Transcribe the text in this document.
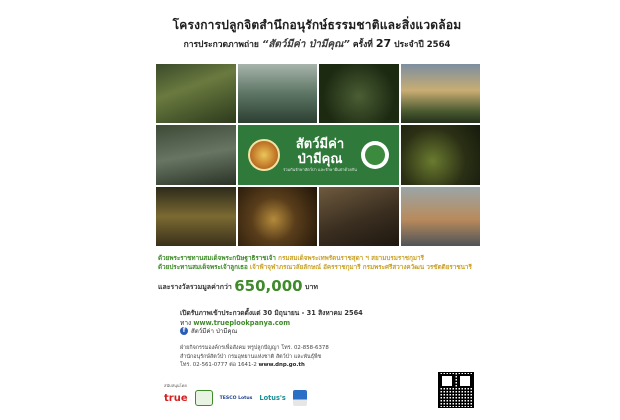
โครงการปลูกจิตสำนึกอนุรักษ์ธรรมชาติและสิ่งแวดล้อม
การประกวดภาพถ่าย “สัตว์มีค่า ป่ามีคุณ” ครั้งที่ 27 ประจำปี 2564
สัตว์มีค่า
ป่ามีคุณ
ร่วมกันรักษาสัตว์ป่า และรักษาผืนป่าด้วยกัน
ด้วยพระราชทานสมเด็จพระกนิษฐาธิราชเจ้า กรมสมเด็จพระเทพรัตนราชสุดา ฯ สยามบรมราชกุมารี
ด้วยประทานสมเด็จพระเจ้าลูกเธอ เจ้าฟ้าจุฬาภรณวลัยลักษณ์ อัครราชกุมารี กรมพระศรีสวางควัฒน วรขัตติยราชนารี
และรางวัลรวมมูลค่ากว่า 650,000 บาท
เปิดรับภาพเข้าประกวดตั้งแต่ 30 มิถุนายน - 31 สิงหาคม 2564
ทาง www.trueplookpanya.com
f สัตว์มีค่า ป่ามีคุณ
ฝ่ายกิจกรรมองค์กรเพื่อสังคม ทรูปลูกปัญญา โทร. 02-858-6378
สำนักอนุรักษ์สัตว์ป่า กรมอุทยานแห่งชาติ สัตว์ป่า และพันธุ์พืช
โทร. 02-561-0777 ต่อ 1641-2 www.dnp.go.th
สนับสนุนโดย
true	TESCO Lotus Lotus's
